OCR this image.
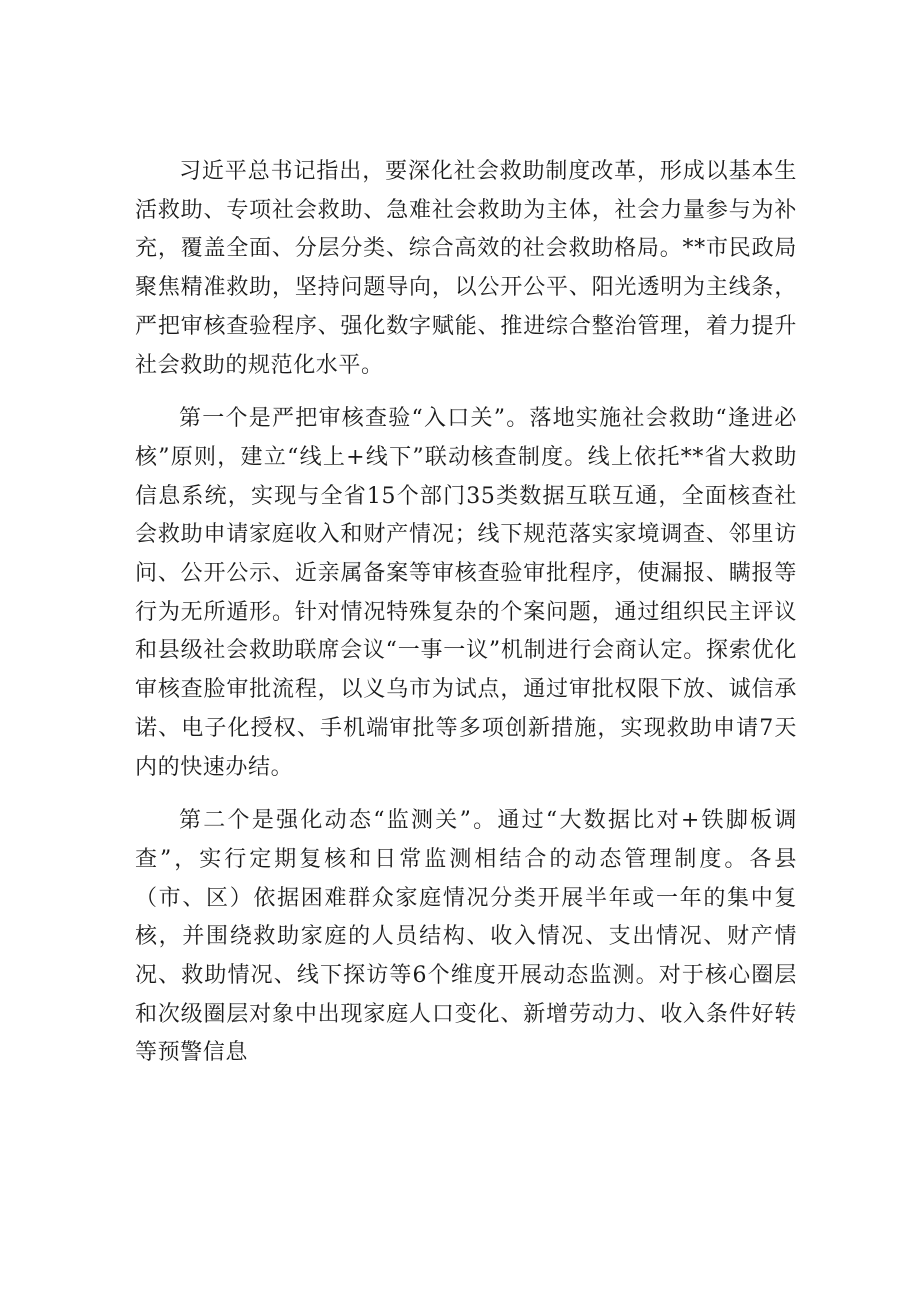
习近平总书记指出，要深化社会救助制度改革，形成以基本生活救助、专项社会救助、急难社会救助为主体，社会力量参与为补充，覆盖全面、分层分类、综合高效的社会救助格局。**市民政局聚焦精准救助，坚持问题导向，以公开公平、阳光透明为主线条，严把审核查验程序、强化数字赋能、推进综合整治管理，着力提升社会救助的规范化水平。

第一个是严把审核查验“入口关”。落地实施社会救助“逢进必核”原则，建立“线上+线下”联动核查制度。线上依托**省大救助信息系统，实现与全省15个部门35类数据互联互通，全面核查社会救助申请家庭收入和财产情况；线下规范落实家境调查、邻里访问、公开公示、近亲属备案等审核查验审批程序，使漏报、瞒报等行为无所遁形。针对情况特殊复杂的个案问题，通过组织民主评议和县级社会救助联席会议“一事一议”机制进行会商认定。探索优化审核查脸审批流程，以义乌市为试点，通过审批权限下放、诚信承诺、电子化授权、手机端审批等多项创新措施，实现救助申请7天内的快速办结。

第二个是强化动态“监测关”。通过“大数据比对+铁脚板调查”，实行定期复核和日常监测相结合的动态管理制度。各县（市、区）依据困难群众家庭情况分类开展半年或一年的集中复核，并围绕救助家庭的人员结构、收入情况、支出情况、财产情况、救助情况、线下探访等6个维度开展动态监测。对于核心圈层和次级圈层对象中出现家庭人口变化、新增劳动力、收入条件好转等预警信息
